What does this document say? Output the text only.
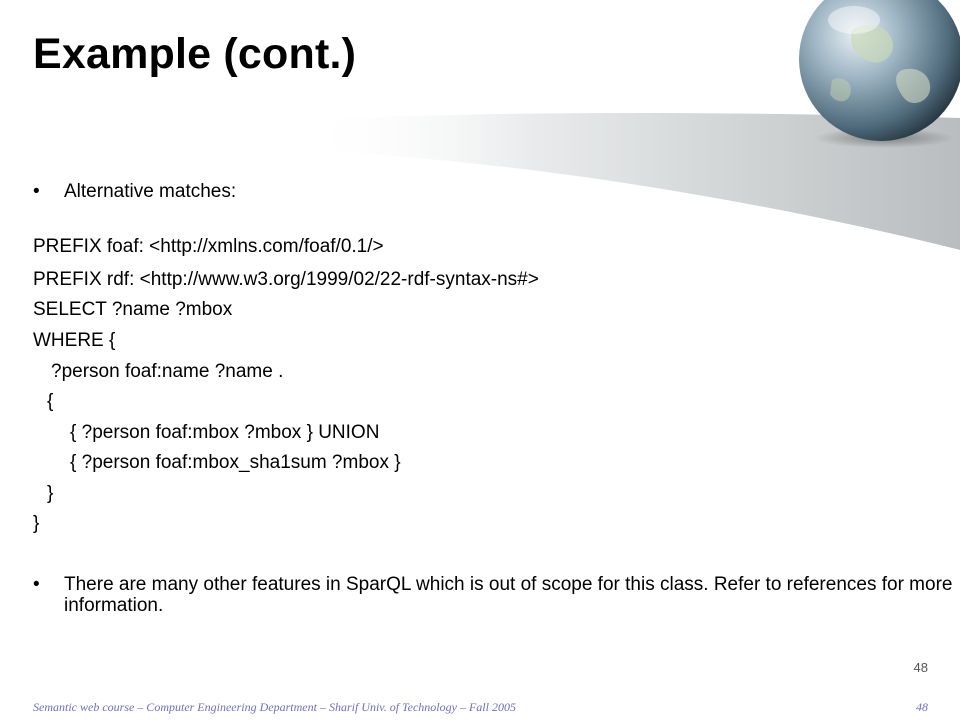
Example (cont.)
• Alternative matches:
PREFIX foaf: <http://xmlns.com/foaf/0.1/>
PREFIX rdf: <http://www.w3.org/1999/02/22-rdf-syntax-ns#>
SELECT ?name ?mbox
WHERE {
?person foaf:name ?name .
{
{ ?person foaf:mbox ?mbox } UNION
{ ?person foaf:mbox_sha1sum ?mbox }
}
}
• There are many other features in SparQL which is out of scope for this class. Refer to references for more information.
48
Semantic web course – Computer Engineering Department – Sharif Univ. of Technology – Fall 2005	48
